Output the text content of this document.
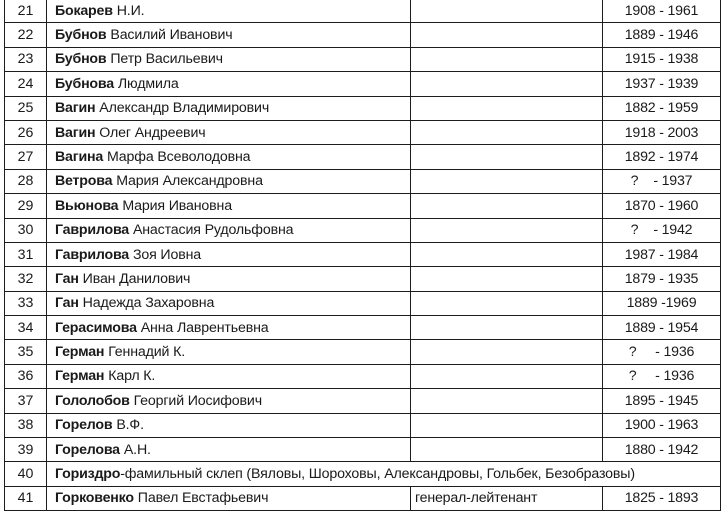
21	Бокарев Н.И.		1908 - 1961
22	Бубнов Василий Иванович		1889 - 1946
23	Бубнов Петр Васильевич		1915 - 1938
24	Бубнова Людмила		1937 - 1939
25	Вагин Александр Владимирович		1882 - 1959
26	Вагин Олег Андреевич		1918 - 2003
27	Вагина Марфа Всеволодовна		1892 - 1974
28	Ветрова Мария Александровна		?    - 1937
29	Вьюнова Мария Ивановна		1870 - 1960
30	Гаврилова Анастасия Рудольфовна		?    - 1942
31	Гаврилова Зоя Иовна		1987 - 1984
32	Ган Иван Данилович		1879 - 1935
33	Ган Надежда Захаровна		1889 -1969
34	Герасимова Анна Лаврентьевна		1889 - 1954
35	Герман Геннадий К.		?     - 1936
36	Герман Карл К.		?     - 1936
37	Гололобов Георгий Иосифович		1895 - 1945
38	Горелов В.Ф.		1900 - 1963
39	Горелова А.Н.		1880 - 1942
40	Гориздро-фамильный склеп (Вяловы, Шороховы, Александровы, Гольбек, Безобразовы)		
41	Горковенко Павел Евстафьевич	генерал-лейтенант	1825 - 1893
